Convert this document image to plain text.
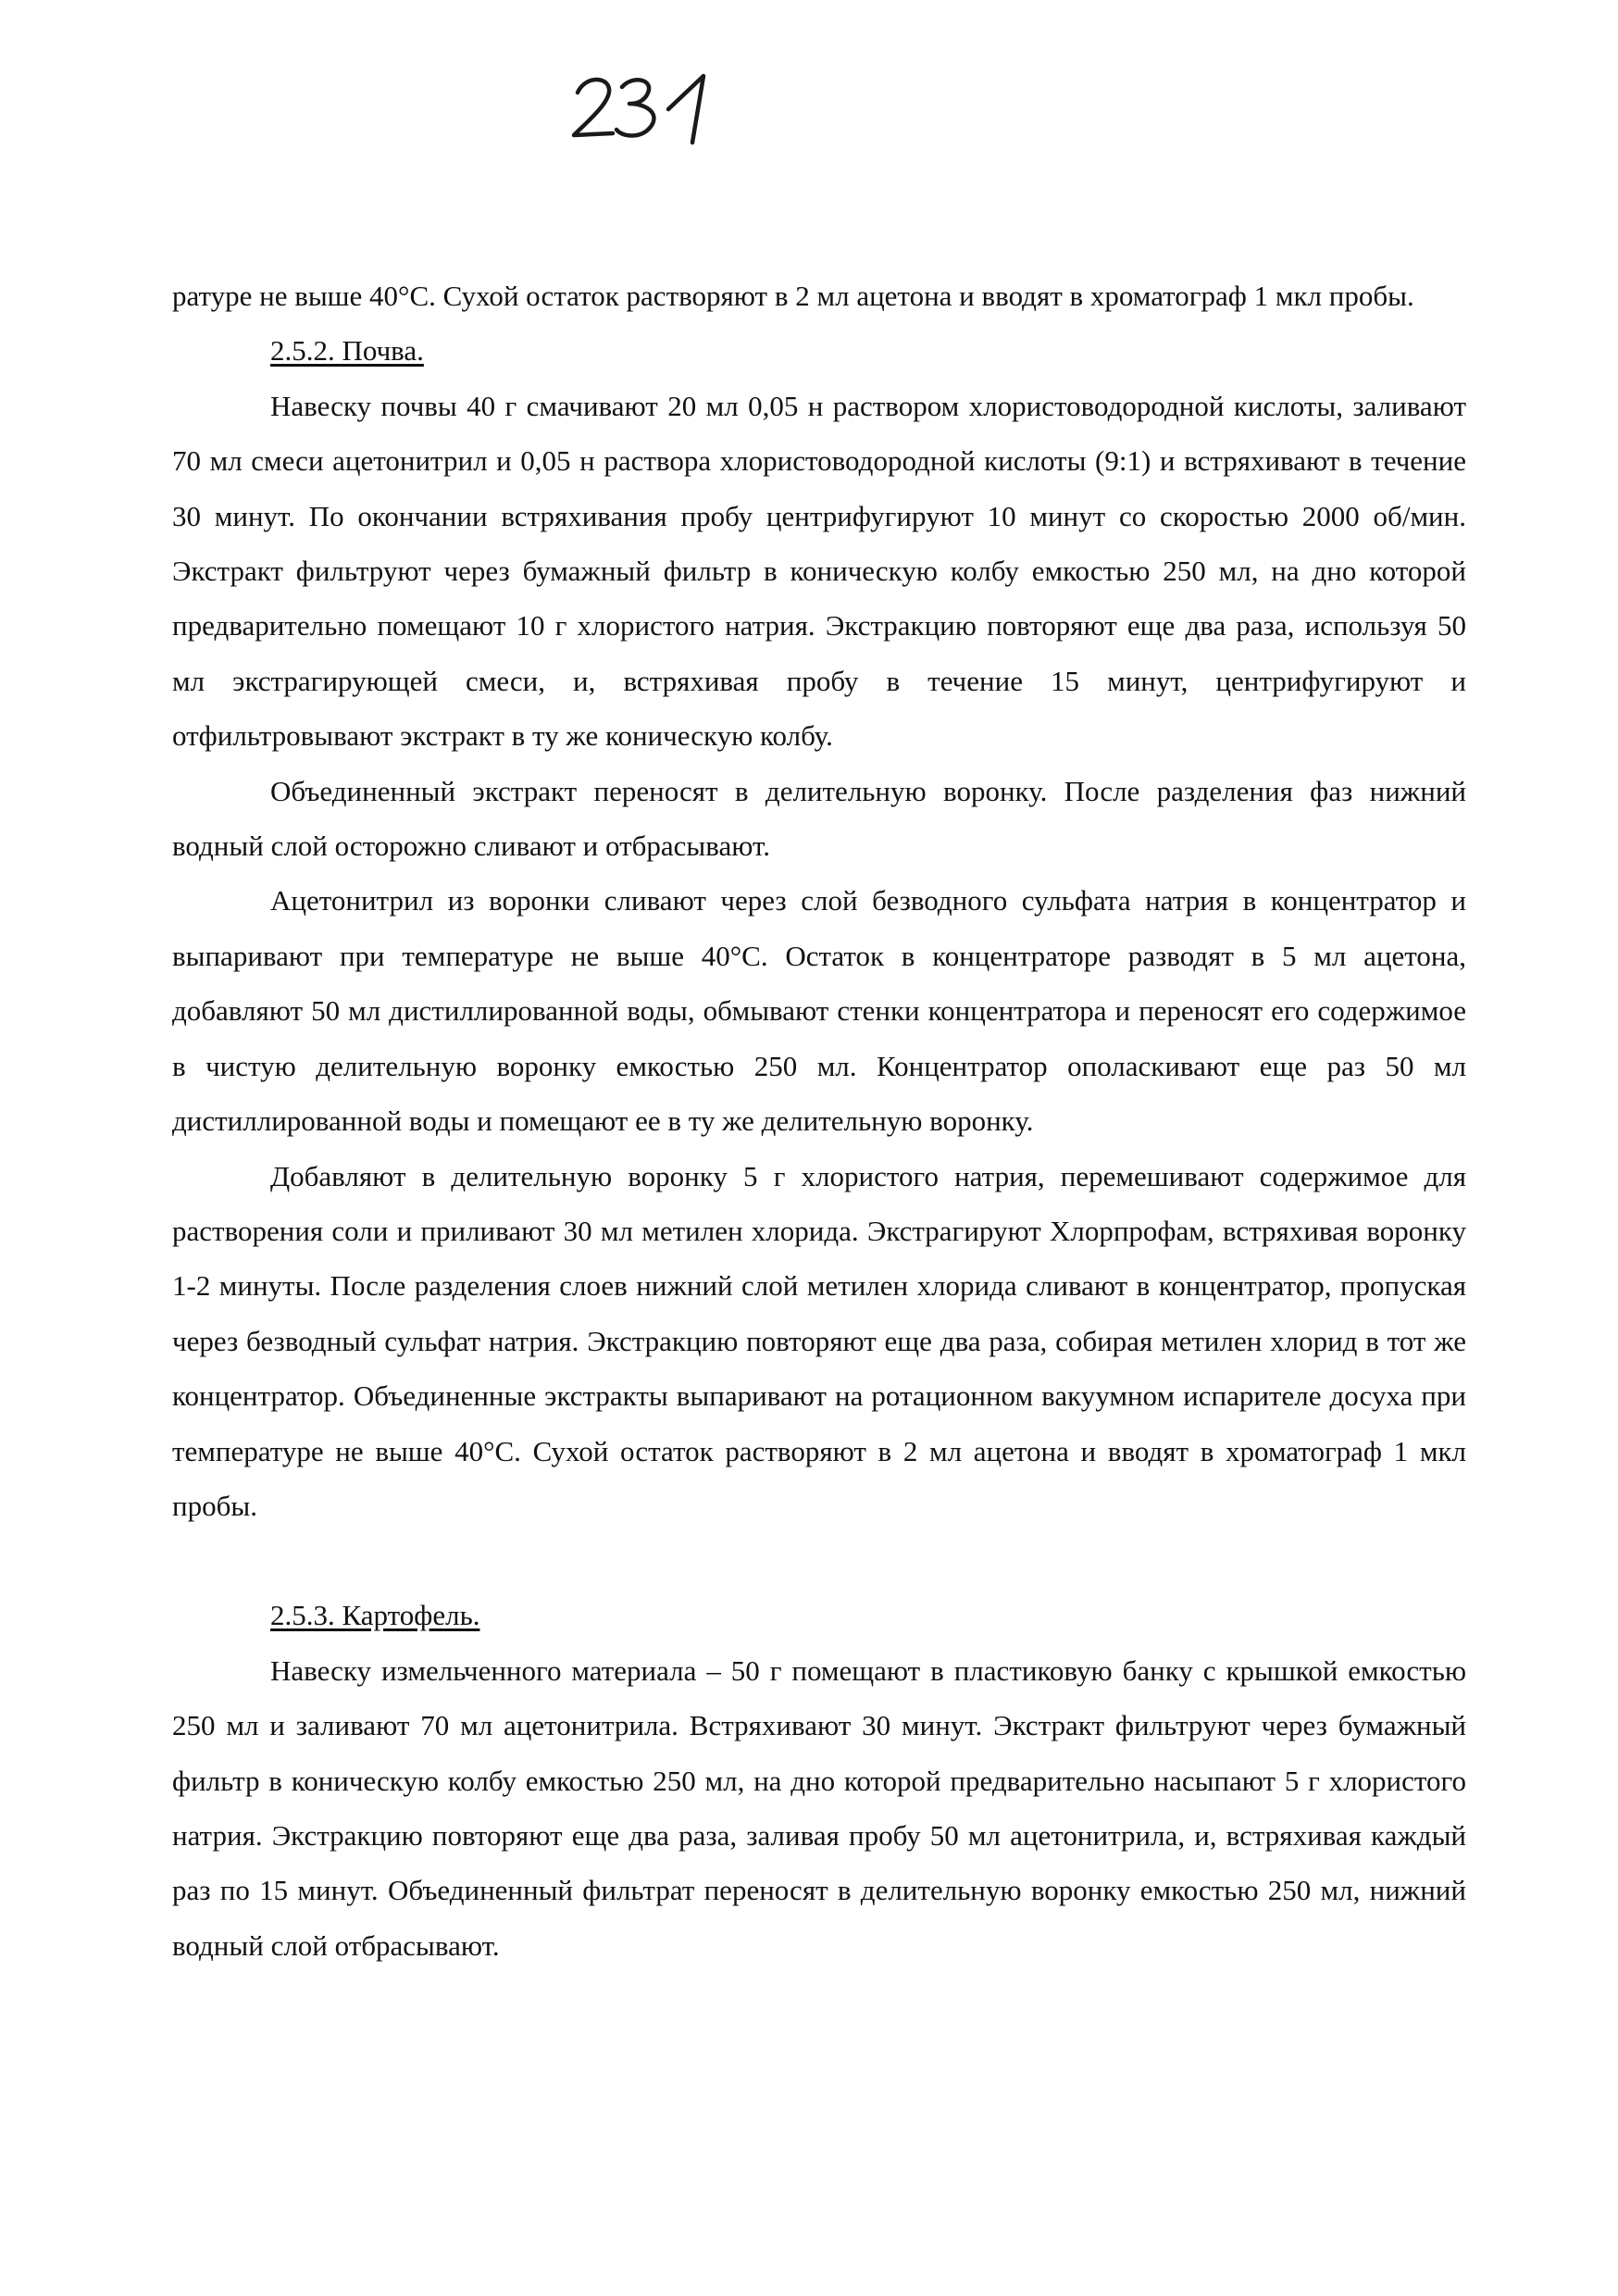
ратуре не выше 40°С. Сухой остаток растворяют в 2 мл ацетона и вводят в хроматограф 1 мкл пробы.

2.5.2. Почва.

Навеску почвы 40 г смачивают 20 мл 0,05 н раствором хлористоводородной кислоты, заливают 70 мл смеси ацетонитрил и 0,05 н раствора хлористоводородной кислоты (9:1) и встряхивают в течение 30 минут. По окончании встряхивания пробу центрифугируют 10 минут со скоростью 2000 об/мин. Экстракт фильтруют через бумажный фильтр в коническую колбу емкостью 250 мл, на дно которой предварительно помещают 10 г хлористого натрия. Экстракцию повторяют еще два раза, используя 50 мл экстрагирующей смеси, и, встряхивая пробу в течение 15 минут, центрифугируют и отфильтровывают экстракт в ту же коническую колбу.

Объединенный экстракт переносят в делительную воронку. После разделения фаз нижний водный слой осторожно сливают и отбрасывают.

Ацетонитрил из воронки сливают через слой безводного сульфата натрия в концентратор и выпаривают при температуре не выше 40°С. Остаток в концентраторе разводят в 5 мл ацетона, добавляют 50 мл дистиллированной воды, обмывают стенки концентратора и переносят его содержимое в чистую делительную воронку емкостью 250 мл. Концентратор ополаскивают еще раз 50 мл дистиллированной воды и помещают ее в ту же делительную воронку.

Добавляют в делительную воронку 5 г хлористого натрия, перемешивают содержимое для растворения соли и приливают 30 мл метилен хлорида. Экстрагируют Хлорпрофам, встряхивая воронку 1-2 минуты. После разделения слоев нижний слой метилен хлорида сливают в концентратор, пропуская через безводный сульфат натрия. Экстракцию повторяют еще два раза, собирая метилен хлорид в тот же концентратор. Объединенные экстракты выпаривают на ротационном вакуумном испарителе досуха при температуре не выше 40°С. Сухой остаток растворяют в 2 мл ацетона и вводят в хроматограф 1 мкл пробы.

2.5.3. Картофель.

Навеску измельченного материала – 50 г помещают в пластиковую банку с крышкой емкостью 250 мл и заливают 70 мл ацетонитрила. Встряхивают 30 минут. Экстракт фильтруют через бумажный фильтр в коническую колбу емкостью 250 мл, на дно которой предварительно насыпают 5 г хлористого натрия. Экстракцию повторяют еще два раза, заливая пробу 50 мл ацетонитрила, и, встряхивая каждый раз по 15 минут. Объединенный фильтрат переносят в делительную воронку емкостью 250 мл, нижний водный слой отбрасывают.
